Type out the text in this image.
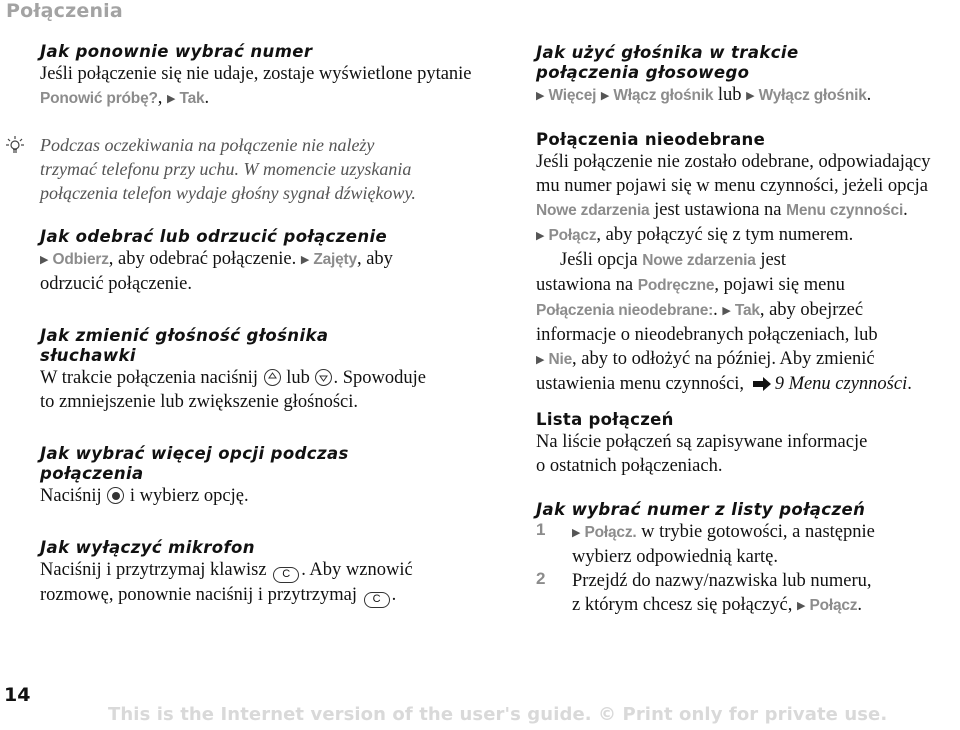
Połączenia

Jak ponownie wybrać numer

Jeśli połączenie się nie udaje, zostaje wyświetlone pytanie Ponowić próbę?, ▶ Tak.

Podczas oczekiwania na połączenie nie należy

trzymać telefonu przy uchu. W momencie uzyskania

połączenia telefon wydaje głośny sygnał dźwiękowy.

Jak odebrać lub odrzucić połączenie

▶ Odbierz, aby odebrać połączenie. ▶ Zajęty, aby

odrzucić połączenie.

Jak zmienić głośność głośnika

słuchawki

W trakcie połączenia naciśnij lub . Spowoduje

to zmniejszenie lub zwiększenie głośności.

Jak wybrać więcej opcji podczas

połączenia

Naciśnij i wybierz opcję.

Jak wyłączyć mikrofon

Naciśnij i przytrzymaj klawisz C . Aby wznowić

rozmowę, ponownie naciśnij i przytrzymaj C .

Jak użyć głośnika w trakcie

połączenia głosowego

▶ Więcej ▶ Włącz głośnik lub ▶ Wyłącz głośnik.

Połączenia nieodebrane

Jeśli połączenie nie zostało odebrane, odpowiadający

mu numer pojawi się w menu czynności, jeżeli opcja

Nowe zdarzenia jest ustawiona na Menu czynności.

▶ Połącz, aby połączyć się z tym numerem.

Jeśli opcja Nowe zdarzenia jest

ustawiona na Podręczne, pojawi się menu

Połączenia nieodebrane:. ▶ Tak, aby obejrzeć

informacje o nieodebranych połączeniach, lub

▶ Nie, aby to odłożyć na później. Aby zmienić

ustawienia menu czynności, 9 Menu czynności.

Lista połączeń

Na liście połączeń są zapisywane informacje

o ostatnich połączeniach.

Jak wybrać numer z listy połączeń

1 ▶ Połącz. w trybie gotowości, a następnie

wybierz odpowiednią kartę.

2 Przejdź do nazwy/nazwiska lub numeru,

z którym chcesz się połączyć, ▶ Połącz.

14
This is the Internet version of the user's guide. © Print only for private use.
